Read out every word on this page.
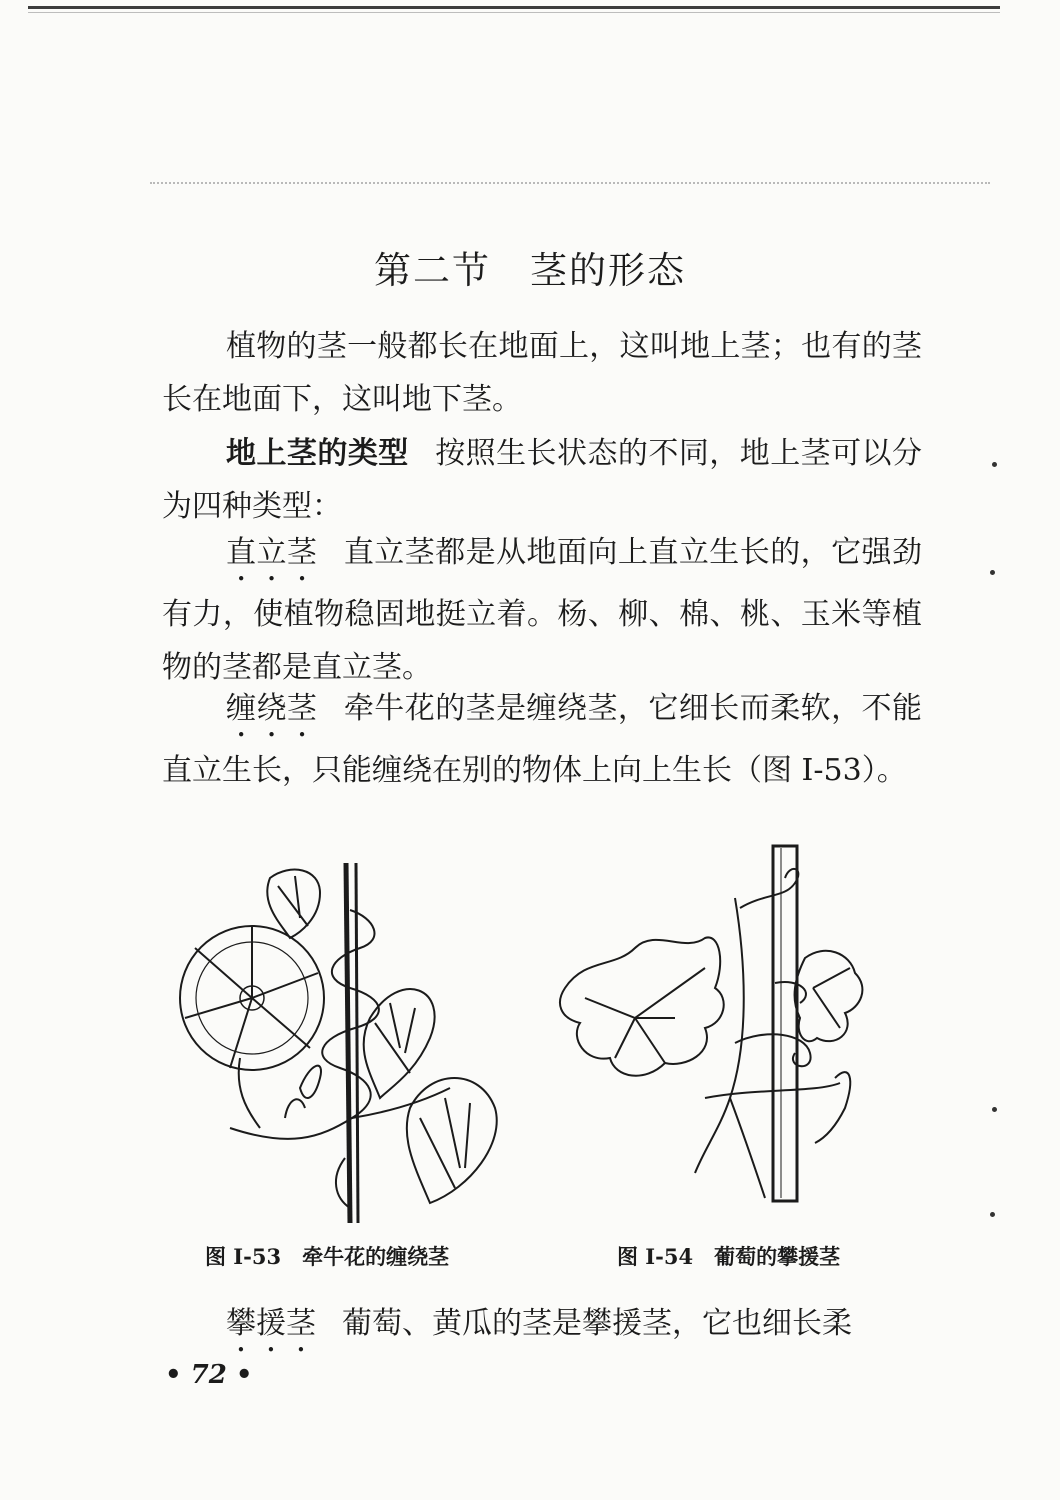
第二节　茎的形态

植物的茎一般都长在地面上，这叫地上茎；也有的茎长在地面下，这叫地下茎。

地上茎的类型 按照生长状态的不同，地上茎可以分为四种类型：

直立茎 直立茎都是从地面向上直立生长的，它强劲有力，使植物稳固地挺立着。杨、柳、棉、桃、玉米等植物的茎都是直立茎。

缠绕茎 牵牛花的茎是缠绕茎，它细长而柔软，不能直立生长，只能缠绕在别的物体上向上生长（图 I-53）。

图 I-53　牵牛花的缠绕茎	图 I-54　葡萄的攀援茎

攀援茎 葡萄、黄瓜的茎是攀援茎，它也细长柔

• 72 •
